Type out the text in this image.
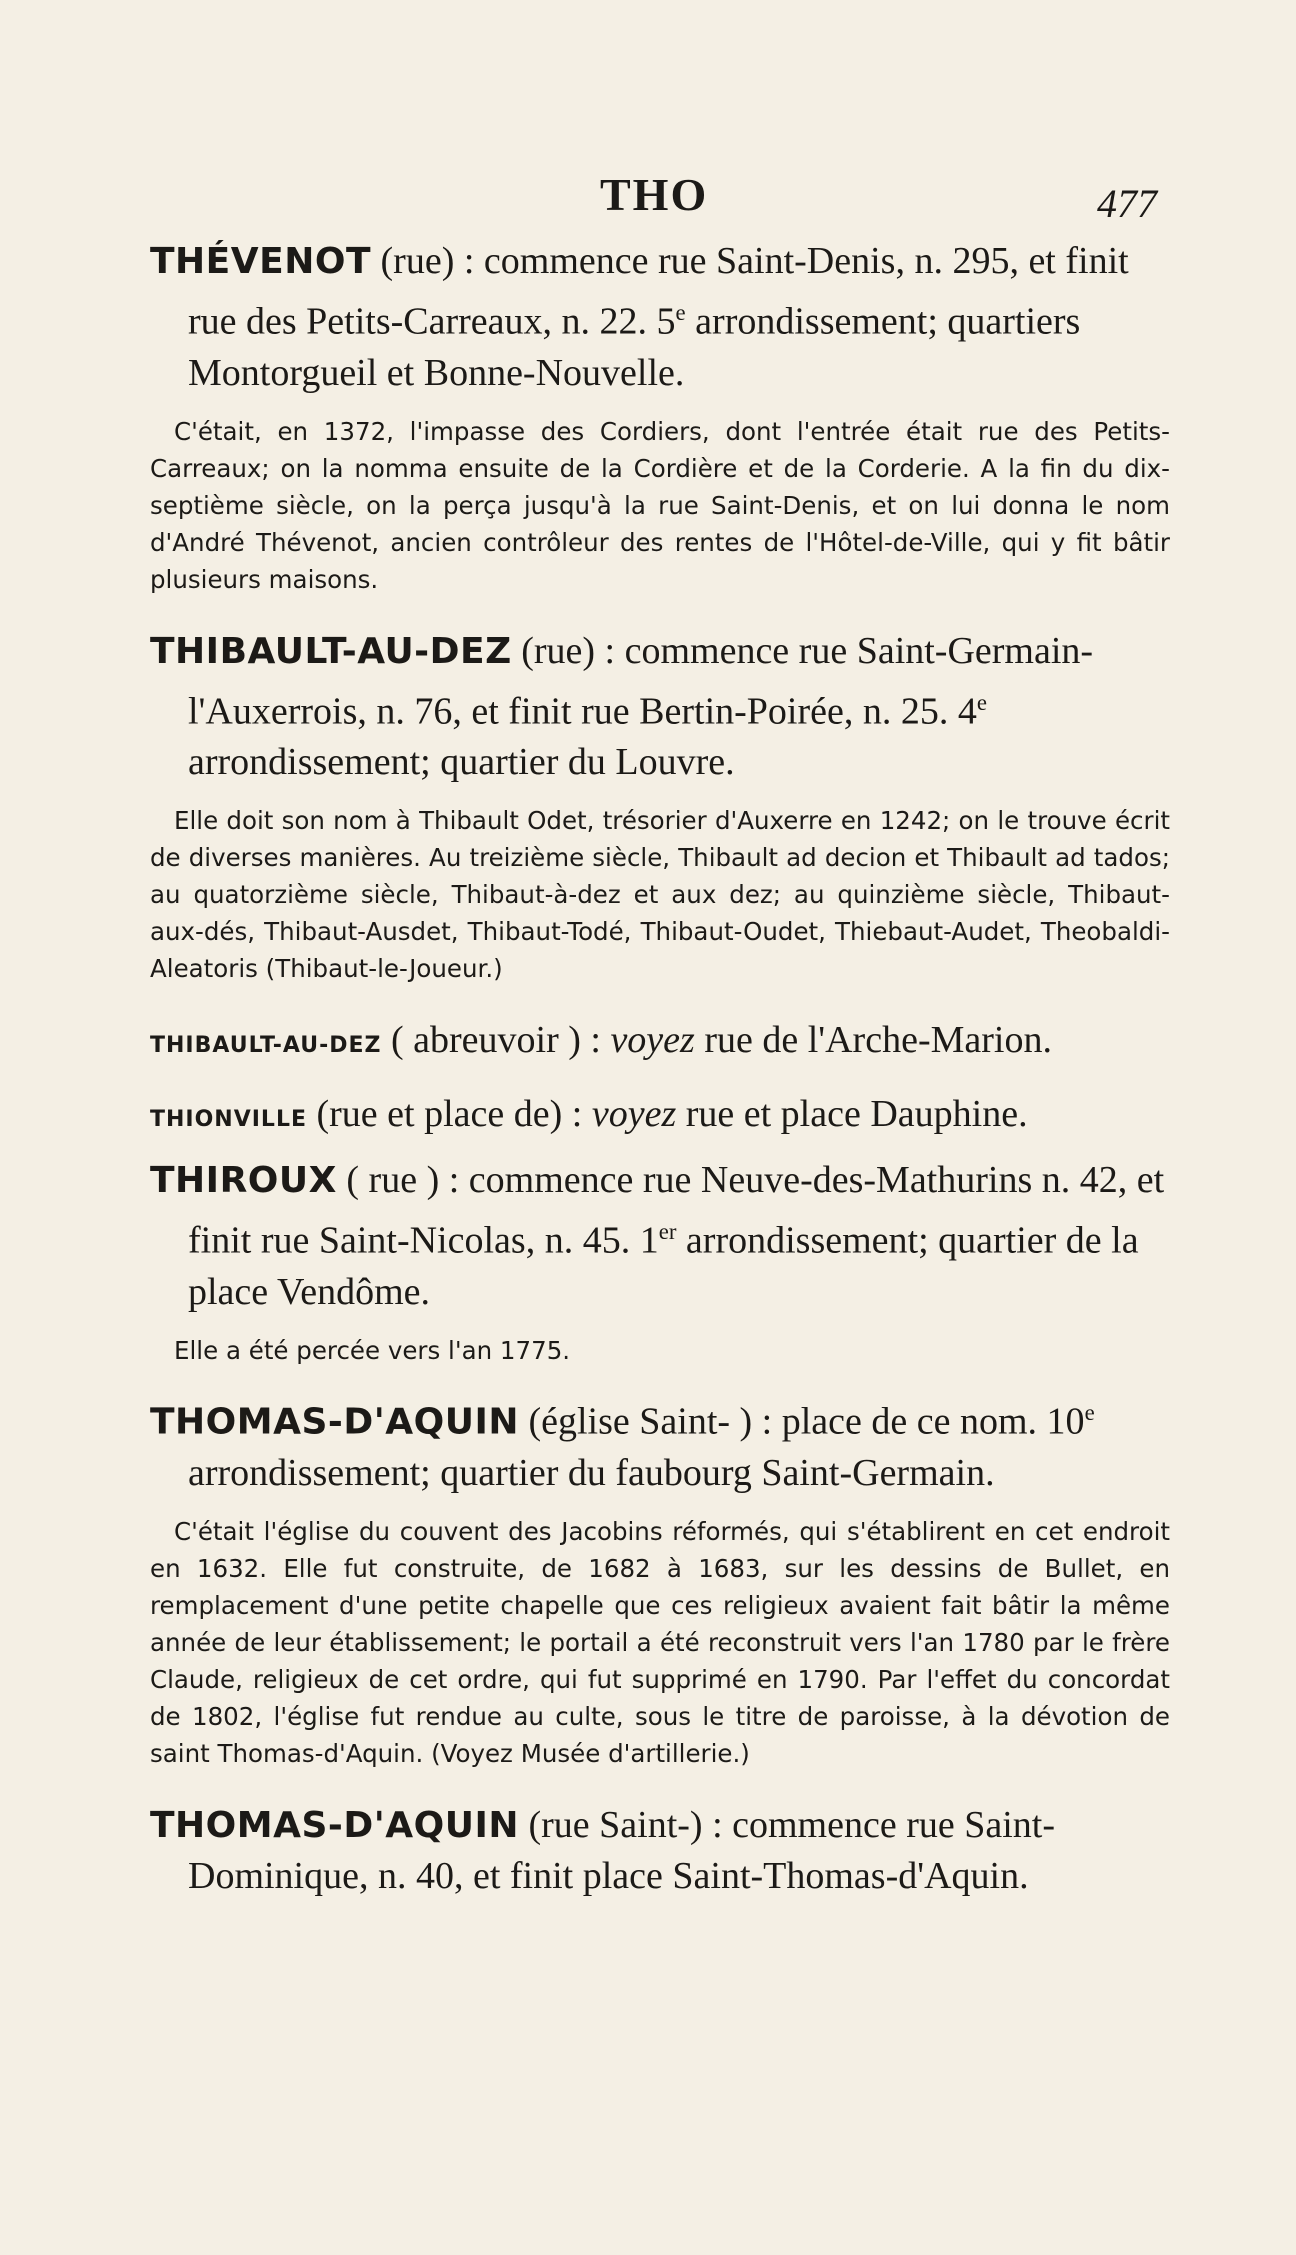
THO	477

THÉVENOT (rue) : commence rue Saint-Denis, n. 295, et finit rue des Petits-Carreaux, n. 22. 5e arrondissement; quartiers Montorgueil et Bonne-Nouvelle.

C'était, en 1372, l'impasse des Cordiers, dont l'entrée était rue des Petits-Carreaux; on la nomma ensuite de la Cordière et de la Corderie. A la fin du dix-septième siècle, on la perça jusqu'à la rue Saint-Denis, et on lui donna le nom d'André Thévenot, ancien contrôleur des rentes de l'Hôtel-de-Ville, qui y fit bâtir plusieurs maisons.

THIBAULT-AU-DEZ (rue) : commence rue Saint-Germain-l'Auxerrois, n. 76, et finit rue Bertin-Poirée, n. 25. 4e arrondissement; quartier du Louvre.

Elle doit son nom à Thibault Odet, trésorier d'Auxerre en 1242; on le trouve écrit de diverses manières. Au treizième siècle, Thibault ad decion et Thibault ad tados; au quatorzième siècle, Thibaut-à-dez et aux dez; au quinzième siècle, Thibaut-aux-dés, Thibaut-Ausdet, Thibaut-Todé, Thibaut-Oudet, Thiebaut-Audet, Theobaldi-Aleatoris (Thibaut-le-Joueur.)

THIBAULT-AU-DEZ ( abreuvoir ) : voyez rue de l'Arche-Marion.

THIONVILLE (rue et place de) : voyez rue et place Dauphine.

THIROUX ( rue ) : commence rue Neuve-des-Mathurins n. 42, et finit rue Saint-Nicolas, n. 45. 1er arrondissement; quartier de la place Vendôme.

Elle a été percée vers l'an 1775.

THOMAS-D'AQUIN (église Saint- ) : place de ce nom. 10e arrondissement; quartier du faubourg Saint-Germain.

C'était l'église du couvent des Jacobins réformés, qui s'établirent en cet endroit en 1632. Elle fut construite, de 1682 à 1683, sur les dessins de Bullet, en remplacement d'une petite chapelle que ces religieux avaient fait bâtir la même année de leur établissement; le portail a été reconstruit vers l'an 1780 par le frère Claude, religieux de cet ordre, qui fut supprimé en 1790. Par l'effet du concordat de 1802, l'église fut rendue au culte, sous le titre de paroisse, à la dévotion de saint Thomas-d'Aquin. (Voyez Musée d'artillerie.)

THOMAS-D'AQUIN (rue Saint-) : commence rue Saint-Dominique, n. 40, et finit place Saint-Thomas-d'Aquin.
